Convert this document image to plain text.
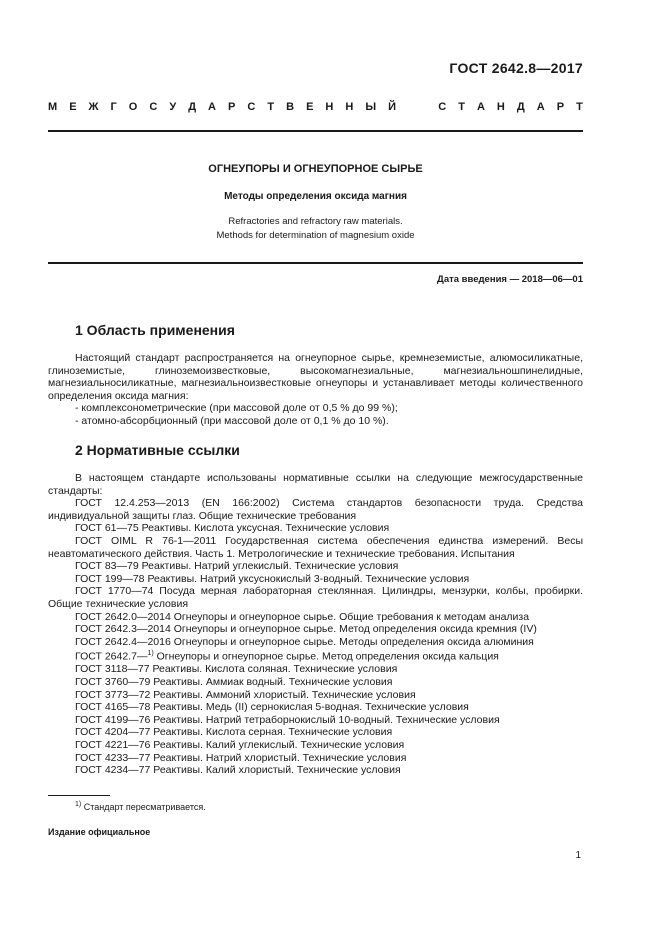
ГОСТ 2642.8—2017
М Е Ж Г О С У Д А Р С Т В Е Н Н Ы Й

	С Т А Н Д А Р Т
ОГНЕУПОРЫ И ОГНЕУПОРНОЕ СЫРЬЕ
Методы определения оксида магния
Refractories and refractory raw materials.
Methods for determination of magnesium oxide
Дата введения — 2018—06—01
1 Область применения

Настоящий стандарт распространяется на огнеупорное сырье, кремнеземистые, алюмосиликатные, глиноземистые, глиноземоизвестковые, высокомагнезиальные, магнезиальношпинелидные, магнезиальносиликатные, магнезиальноизвестковые огнеупоры и устанавливает методы количественного определения оксида магния:

- комплексонометрические (при массовой доле от 0,5 % до 99 %);

- атомно-абсорбционный (при массовой доле от 0,1 % до 10 %).

2 Нормативные ссылки

В настоящем стандарте использованы нормативные ссылки на следующие межгосударственные стандарты:

ГОСТ 12.4.253—2013 (EN 166:2002) Система стандартов безопасности труда. Средства индивидуальной защиты глаз. Общие технические требования

ГОСТ 61—75 Реактивы. Кислота уксусная. Технические условия

ГОСТ OIML R 76-1—2011 Государственная система обеспечения единства измерений. Весы неавтоматического действия. Часть 1. Метрологические и технические требования. Испытания

ГОСТ 83—79 Реактивы. Натрий углекислый. Технические условия

ГОСТ 199—78 Реактивы. Натрий уксуснокислый 3-водный. Технические условия

ГОСТ 1770—74 Посуда мерная лабораторная стеклянная. Цилиндры, мензурки, колбы, пробирки. Общие технические условия

ГОСТ 2642.0—2014 Огнеупоры и огнеупорное сырье. Общие требования к методам анализа

ГОСТ 2642.3—2014 Огнеупоры и огнеупорное сырье. Метод определения оксида кремния (IV)

ГОСТ 2642.4—2016 Огнеупоры и огнеупорное сырье. Методы определения оксида алюминия

ГОСТ 2642.7—$^{1)}$ Огнеупоры и огнеупорное сырье. Метод определения оксида кальция

ГОСТ 3118—77 Реактивы. Кислота соляная. Технические условия

ГОСТ 3760—79 Реактивы. Аммиак водный. Технические условия

ГОСТ 3773—72 Реактивы. Аммоний хлористый. Технические условия

ГОСТ 4165—78 Реактивы. Медь (II) сернокислая 5-водная. Технические условия

ГОСТ 4199—76 Реактивы. Натрий тетраборнокислый 10-водный. Технические условия

ГОСТ 4204—77 Реактивы. Кислота серная. Технические условия

ГОСТ 4221—76 Реактивы. Калий углекислый. Технические условия

ГОСТ 4233—77 Реактивы. Натрий хлористый. Технические условия

ГОСТ 4234—77 Реактивы. Калий хлористый. Технические условия

$^{1)}$ Стандарт пересматривается.
Издание официальное
1
